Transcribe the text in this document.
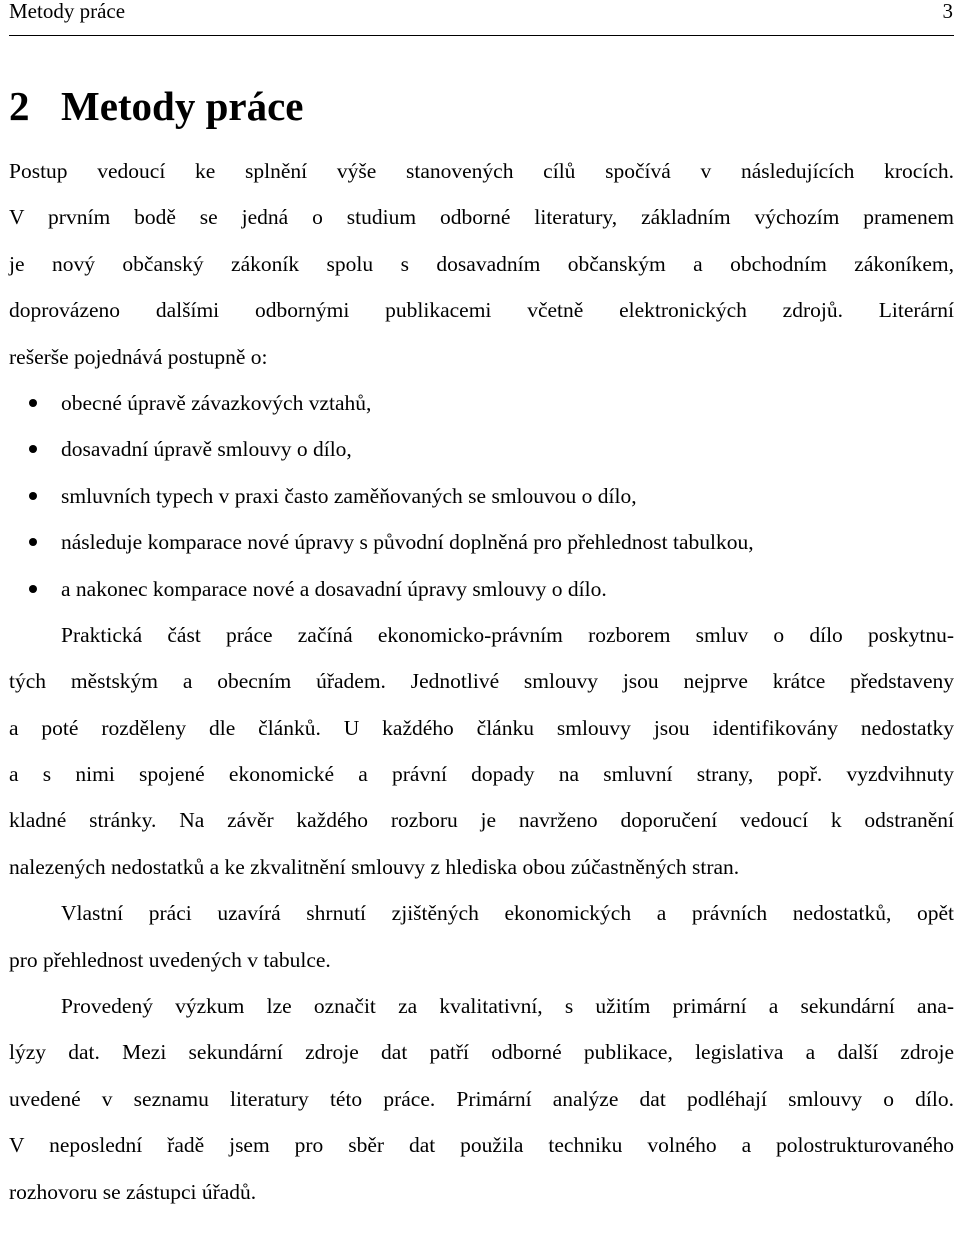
Metody práce	3
2 Metody práce
Postup vedoucí ke splnění výše stanovených cílů spočívá v následujících krocích.
V prvním bodě se jedná o studium odborné literatury, základním výchozím pramenem
je nový občanský zákoník spolu s dosavadním občanským a obchodním zákoníkem,
doprovázeno dalšími odbornými publikacemi včetně elektronických zdrojů. Literární
rešerše pojednává postupně o:
obecné úpravě závazkových vztahů,
dosavadní úpravě smlouvy o dílo,
smluvních typech v praxi často zaměňovaných se smlouvou o dílo,
následuje komparace nové úpravy s původní doplněná pro přehlednost tabulkou,
a nakonec komparace nové a dosavadní úpravy smlouvy o dílo.
Praktická část práce začíná ekonomicko-právním rozborem smluv o dílo poskytnu-
tých městským a obecním úřadem. Jednotlivé smlouvy jsou nejprve krátce představeny
a poté rozděleny dle článků. U každého článku smlouvy jsou identifikovány nedostatky
a s nimi spojené ekonomické a právní dopady na smluvní strany, popř. vyzdvihnuty
kladné stránky. Na závěr každého rozboru je navrženo doporučení vedoucí k odstranění
nalezených nedostatků a ke zkvalitnění smlouvy z hlediska obou zúčastněných stran.
Vlastní práci uzavírá shrnutí zjištěných ekonomických a právních nedostatků, opět
pro přehlednost uvedených v tabulce.
Provedený výzkum lze označit za kvalitativní, s užitím primární a sekundární ana-
lýzy dat. Mezi sekundární zdroje dat patří odborné publikace, legislativa a další zdroje
uvedené v seznamu literatury této práce. Primární analýze dat podléhají smlouvy o dílo.
V neposlední řadě jsem pro sběr dat použila techniku volného a polostrukturovaného
rozhovoru se zástupci úřadů.
